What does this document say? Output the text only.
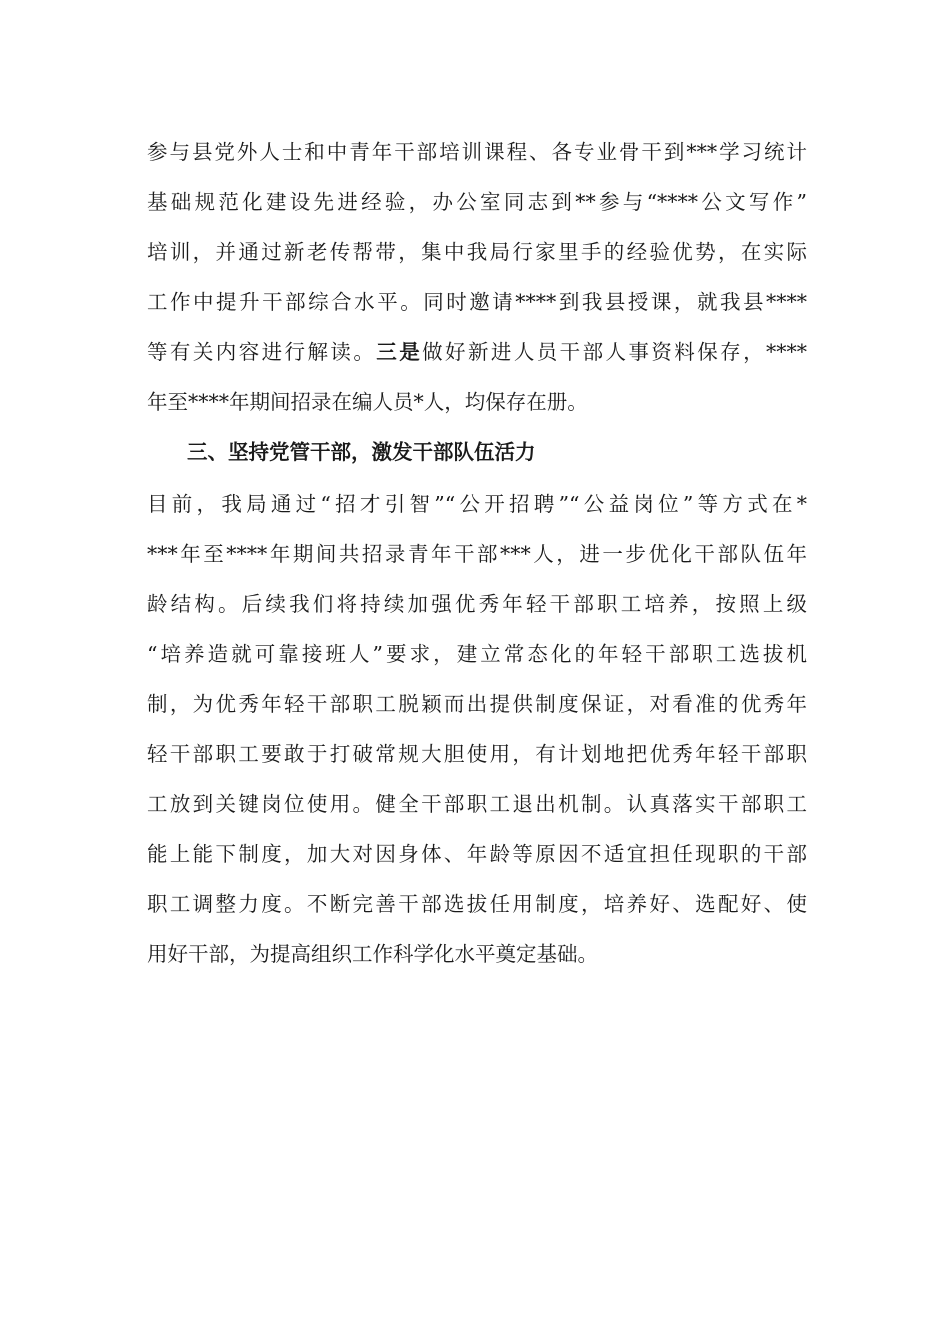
参与县党外人士和中青年干部培训课程、各专业骨干到***学习统计
基础规范化建设先进经验，办公室同志到**参与“****公文写作”
培训，并通过新老传帮带，集中我局行家里手的经验优势，在实际
工作中提升干部综合水平。同时邀请****到我县授课，就我县****
等有关内容进行解读。三是做好新进人员干部人事资料保存，****
年至****年期间招录在编人员*人，均保存在册。
三、坚持党管干部，激发干部队伍活力
目前，我局通过“招才引智”“公开招聘”“公益岗位”等方式在*
***年至****年期间共招录青年干部***人，进一步优化干部队伍年
龄结构。后续我们将持续加强优秀年轻干部职工培养，按照上级
“培养造就可靠接班人”要求，建立常态化的年轻干部职工选拔机
制，为优秀年轻干部职工脱颖而出提供制度保证，对看准的优秀年
轻干部职工要敢于打破常规大胆使用，有计划地把优秀年轻干部职
工放到关键岗位使用。健全干部职工退出机制。认真落实干部职工
能上能下制度，加大对因身体、年龄等原因不适宜担任现职的干部
职工调整力度。不断完善干部选拔任用制度，培养好、选配好、使
用好干部，为提高组织工作科学化水平奠定基础。
